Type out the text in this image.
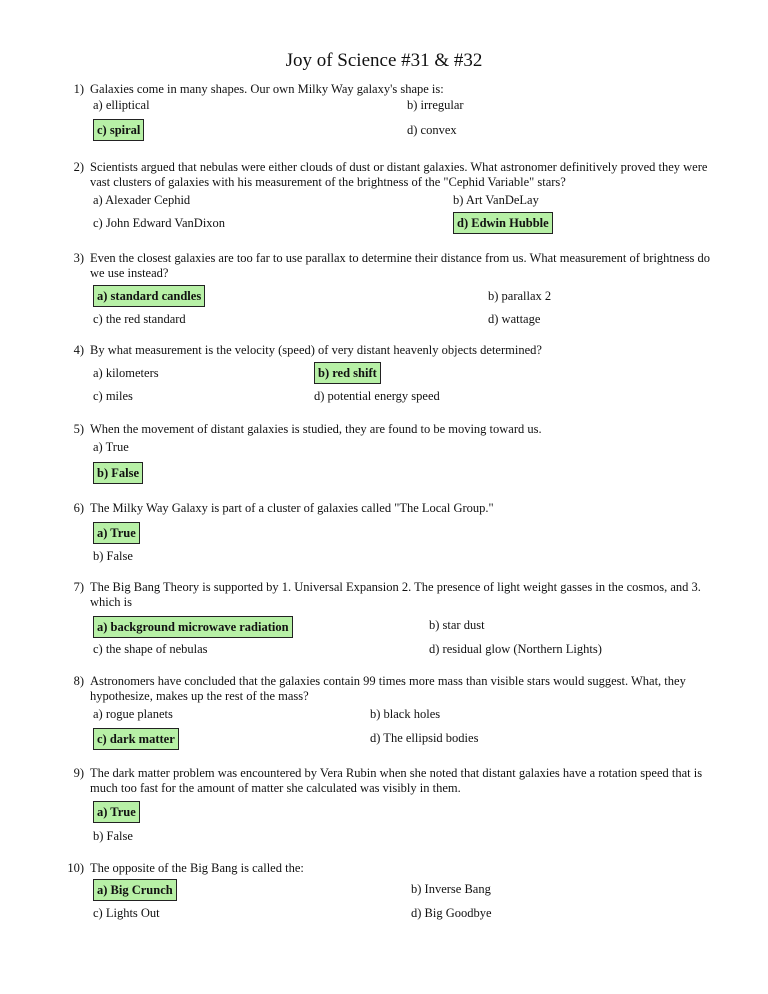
Joy of Science #31 & #32
1) Galaxies come in many shapes. Our own Milky Way galaxy's shape is:
a) elliptical	b) irregular
c) spiral	d) convex
2) Scientists argued that nebulas were either clouds of dust or distant galaxies. What astronomer definitively proved they were vast clusters of galaxies with his measurement of the brightness of the "Cephid Variable" stars?
a) Alexader Cephid	b) Art VanDeLay
c) John Edward VanDixon	d) Edwin Hubble
3) Even the closest galaxies are too far to use parallax to determine their distance from us. What measurement of brightness do we use instead?
a) standard candles	b) parallax 2
c) the red standard	d) wattage
4) By what measurement is the velocity (speed) of very distant heavenly objects determined?
a) kilometers	b) red shift
c) miles	d) potential energy speed
5) When the movement of distant galaxies is studied, they are found to be moving toward us.
a) True
b) False
6) The Milky Way Galaxy is part of a cluster of galaxies called "The Local Group."
a) True
b) False
7) The Big Bang Theory is supported by 1. Universal Expansion 2. The presence of light weight gasses in the cosmos, and 3. which is
a) background microwave radiation	b) star dust
c) the shape of nebulas	d) residual glow (Northern Lights)
8) Astronomers have concluded that the galaxies contain 99 times more mass than visible stars would suggest. What, they hypothesize, makes up the rest of the mass?
a) rogue planets	b) black holes
c) dark matter	d) The ellipsid bodies
9) The dark matter problem was encountered by Vera Rubin when she noted that distant galaxies have a rotation speed that is much too fast for the amount of matter she calculated was visibly in them.
a) True
b) False
10) The opposite of the Big Bang is called the:
a) Big Crunch	b) Inverse Bang
c) Lights Out	d) Big Goodbye
